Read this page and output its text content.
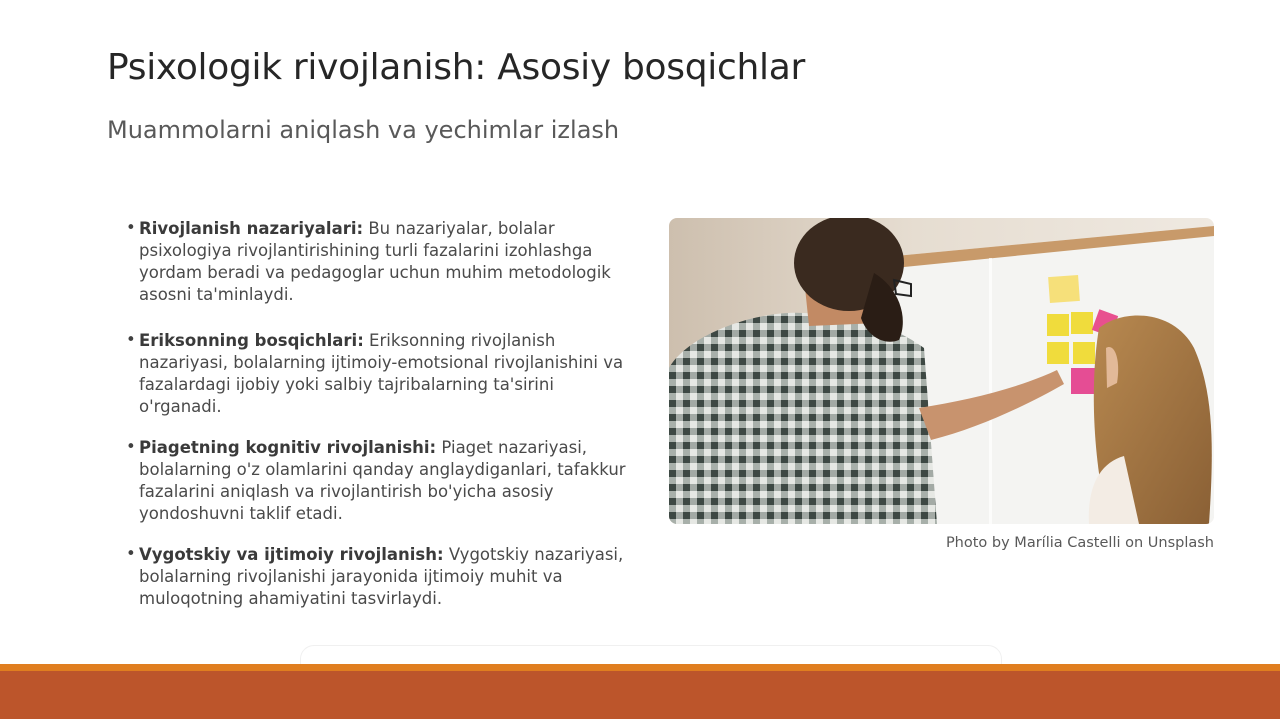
Psixologik rivojlanish: Asosiy bosqichlar
Muammolarni aniqlash va yechimlar izlash
• Rivojlanish nazariyalari: Bu nazariyalar, bolalar psixologiya rivojlantirishining turli fazalarini izohlashga yordam beradi va pedagoglar uchun muhim metodologik asosni ta'minlaydi.
• Eriksonning bosqichlari: Eriksonning rivojlanish nazariyasi, bolalarning ijtimoiy-emotsional rivojlanishini va fazalardagi ijobiy yoki salbiy tajribalarning ta'sirini o'rganadi.
• Piagetning kognitiv rivojlanishi: Piaget nazariyasi, bolalarning o'z olamlarini qanday anglaydiganlari, tafakkur fazalarini aniqlash va rivojlantirish bo'yicha asosiy yondoshuvni taklif etadi.
• Vygotskiy va ijtimoiy rivojlanish: Vygotskiy nazariyasi, bolalarning rivojlanishi jarayonida ijtimoiy muhit va muloqotning ahamiyatini tasvirlaydi.
Photo by Marília Castelli on Unsplash
